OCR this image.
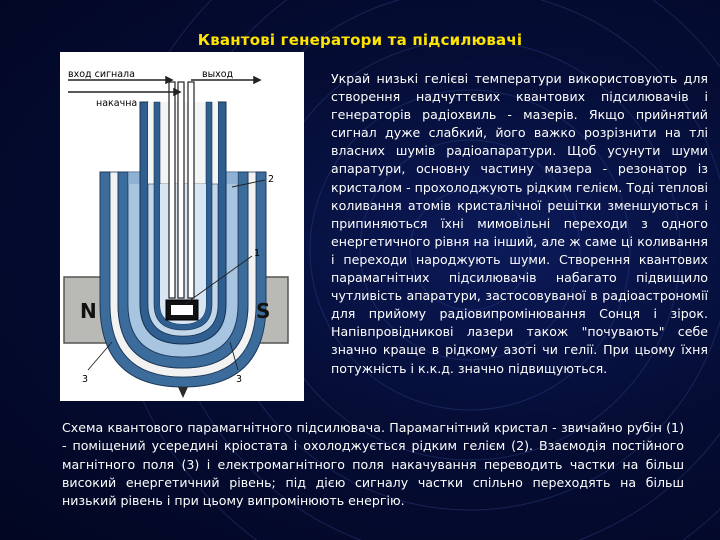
Квантові генератори та підсилювачі
вход сигнала	выход
накачна
2
1
3	3
N	S
Украй низькі гелієві температури використовують для створення надчуттєвих квантових підсилювачів і генераторів радіохвиль - мазерів. Якщо прийнятий сигнал дуже слабкий, його важко розрізнити на тлі власних шумів радіоапаратури. Щоб усунути шуми апаратури, основну частину мазера - резонатор із кристалом - прохолоджують рідким гелієм. Тоді теплові коливання атомів кристалічної решітки зменшуються і припиняються їхні мимовільні переходи з одного енергетичного рівня на інший, але ж саме ці коливання і переходи народжують шуми. Створення квантових парамагнітних підсилювачів набагато підвищило чутливість апаратури, застосовуваної в радіоастрономії для прийому радіовипромінювання Сонця і зірок. Напівпровідникові лазери також "почувають" себе значно краще в рідкому азоті чи гелії. При цьому їхня потужність і к.к.д. значно підвищуються.
Схема квантового парамагнітного підсилювача. Парамагнітний кристал - звичайно рубін (1) - поміщений усередині кріостата і охолоджується рідким гелієм (2). Взаємодія постійного магнітного поля (3) і електромагнітного поля накачування переводить частки на більш високий енергетичний рівень; під дією сигналу частки спільно переходять на більш низький рівень і при цьому випромінюють енергію.
